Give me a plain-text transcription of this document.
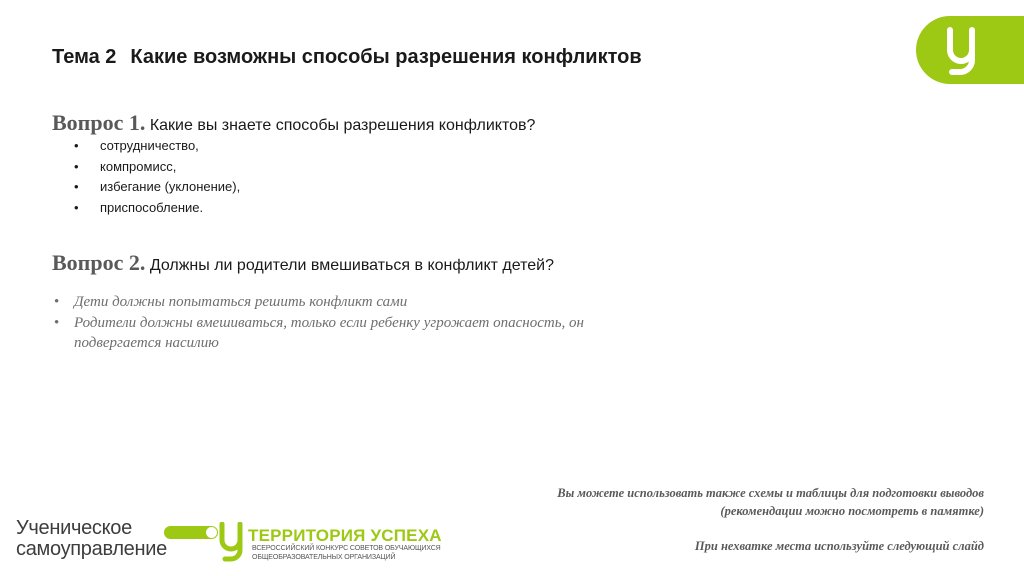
Тема 2 Какие возможны способы разрешения конфликтов
Вопрос 1. Какие вы знаете способы разрешения конфликтов?
• сотрудничество,
• компромисс,
• избегание (уклонение),
• приспособление.
Вопрос 2. Должны ли родители вмешиваться в конфликт детей?
• Дети должны попытаться решить конфликт сами
• Родители должны вмешиваться, только если ребенку угрожает опасность, он подвергается насилию
Вы можете использовать также схемы и таблицы для подготовки выводов
(рекомендации можно посмотреть в памятке)
При нехватке места используйте следующий слайд
Ученическое
самоуправление
ТЕРРИТОРИЯ УСПЕХА
ВСЕРОССИЙСКИЙ КОНКУРС СОВЕТОВ ОБУЧАЮЩИХСЯ
ОБЩЕОБРАЗОВАТЕЛЬНЫХ ОРГАНИЗАЦИЙ
